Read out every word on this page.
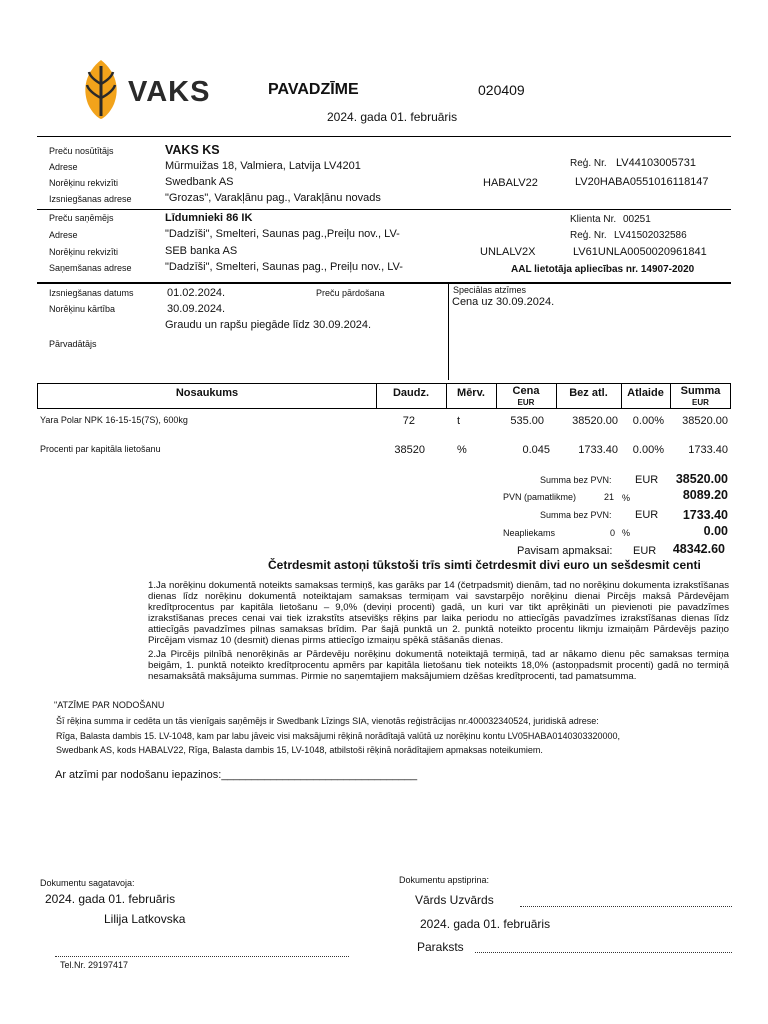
VAKS	PAVADZĪME	020409
2024. gada 01. februāris
Preču nosūtītājs	VAKS KS
Adrese	Mūrmuižas 18, Valmiera, Latvija LV4201
Norēķinu rekvizīti	Swedbank AS
Izsniegšanas adrese	"Grozas", Varakļānu pag., Varakļānu novads
Reģ. Nr. LV44103005731
HABALV22	LV20HABA0551016118147
Preču saņēmējs	Līdumnieki 86 IK
Adrese	"Dadzīši", Smelteri, Saunas pag.,Preiļu nov., LV-
Norēķinu rekvizīti	SEB banka AS
Saņemšanas adrese	"Dadzīši", Smelteri, Saunas pag., Preiļu nov., LV-
Klienta Nr. 00251
Reģ. Nr. LV41502032586
UNLALV2X	LV61UNLA0050020961841
AAL lietotāja apliecības nr. 14907-2020
Izsniegšanas datums	01.02.2024.	Preču pārdošana
Norēķinu kārtība	30.09.2024.
Graudu un rapšu piegāde līdz 30.09.2024.
Pārvadātājs
Speciālas atzīmes
Cena uz 30.09.2024.
Nosaukums	Daudz.	Mērv.	Cena
EUR
Bez atl.	Atlaide	Summa
EUR
Yara Polar NPK 16-15-15(7S), 600kg	72	t	535.00	38520.00	0.00%	38520.00
Procenti par kapitāla lietošanu	38520	%	0.045	1733.40	0.00%	1733.40
Summa bez PVN: EUR	38520.00
PVN (pamatlikme)	21 %	8089.20
Summa bez PVN: EUR	1733.40
Neapliekams	0 %	0.00
Pavisam apmaksai: EUR	48342.60
Četrdesmit astoņi tūkstoši trīs simti četrdesmit divi euro un sešdesmit centi
1.Ja norēķinu dokumentā noteikts samaksas termiņš, kas garāks par 14 (četrpadsmit) dienām, tad no norēķinu dokumenta izrakstīšanas dienas līdz norēķinu dokumentā noteiktajam samaksas termiņam vai savstarpējo norēķinu dienai Pircējs maksā Pārdevējam kredītprocentus par kapitāla lietošanu – 9,0% (deviņi procenti) gadā, un kuri var tikt aprēķināti un pievienoti pie pavadzīmes izrakstīšanas preces cenai vai tiek izrakstīts atsevišķs rēķins par laika periodu no attiecīgās pavadzīmes izrakstīšanas dienas līdz attiecīgās pavadzīmes pilnas samaksas brīdim. Par šajā punktā un 2. punktā noteikto procentu likmju izmaiņām Pārdevējs paziņo Pircējam vismaz 10 (desmit) dienas pirms attiecīgo izmaiņu spēkā stāšanās dienas.
2.Ja Pircējs pilnībā nenorēķinās ar Pārdevēju norēķinu dokumentā noteiktajā termiņā, tad ar nākamo dienu pēc samaksas termiņa beigām, 1. punktā noteikto kredītprocentu apmērs par kapitāla lietošanu tiek noteikts 18,0% (astoņpadsmit procenti) gadā no termiņā nesamaksātā maksājuma summas. Pirmie no saņemtajiem maksājumiem dzēšas kredītprocenti, tad pamatsumma.
"ATZĪME PAR NODOŠANU
Šī rēķina summa ir cedēta un tās vienīgais saņēmējs ir Swedbank Līzings SIA, vienotās reģistrācijas nr.400032340524, juridiskā adrese:
Rīga, Balasta dambis 15. LV-1048, kam par labu jāveic visi maksājumi rēķinā norādītajā valūtā uz norēķinu kontu LV05HABA0140303320000,
Swedbank AS, kods HABALV22, Rīga, Balasta dambis 15, LV-1048, atbilstoši rēķinā norādītajiem apmaksas noteikumiem.
Ar atzīmi par nodošanu iepazinos:________________________________
Dokumentu sagatavoja:
2024. gada 01. februāris
Lilija Latkovska
Tel.Nr. 29197417
Dokumentu apstiprina:
Vārds Uzvārds
2024. gada 01. februāris
Paraksts
